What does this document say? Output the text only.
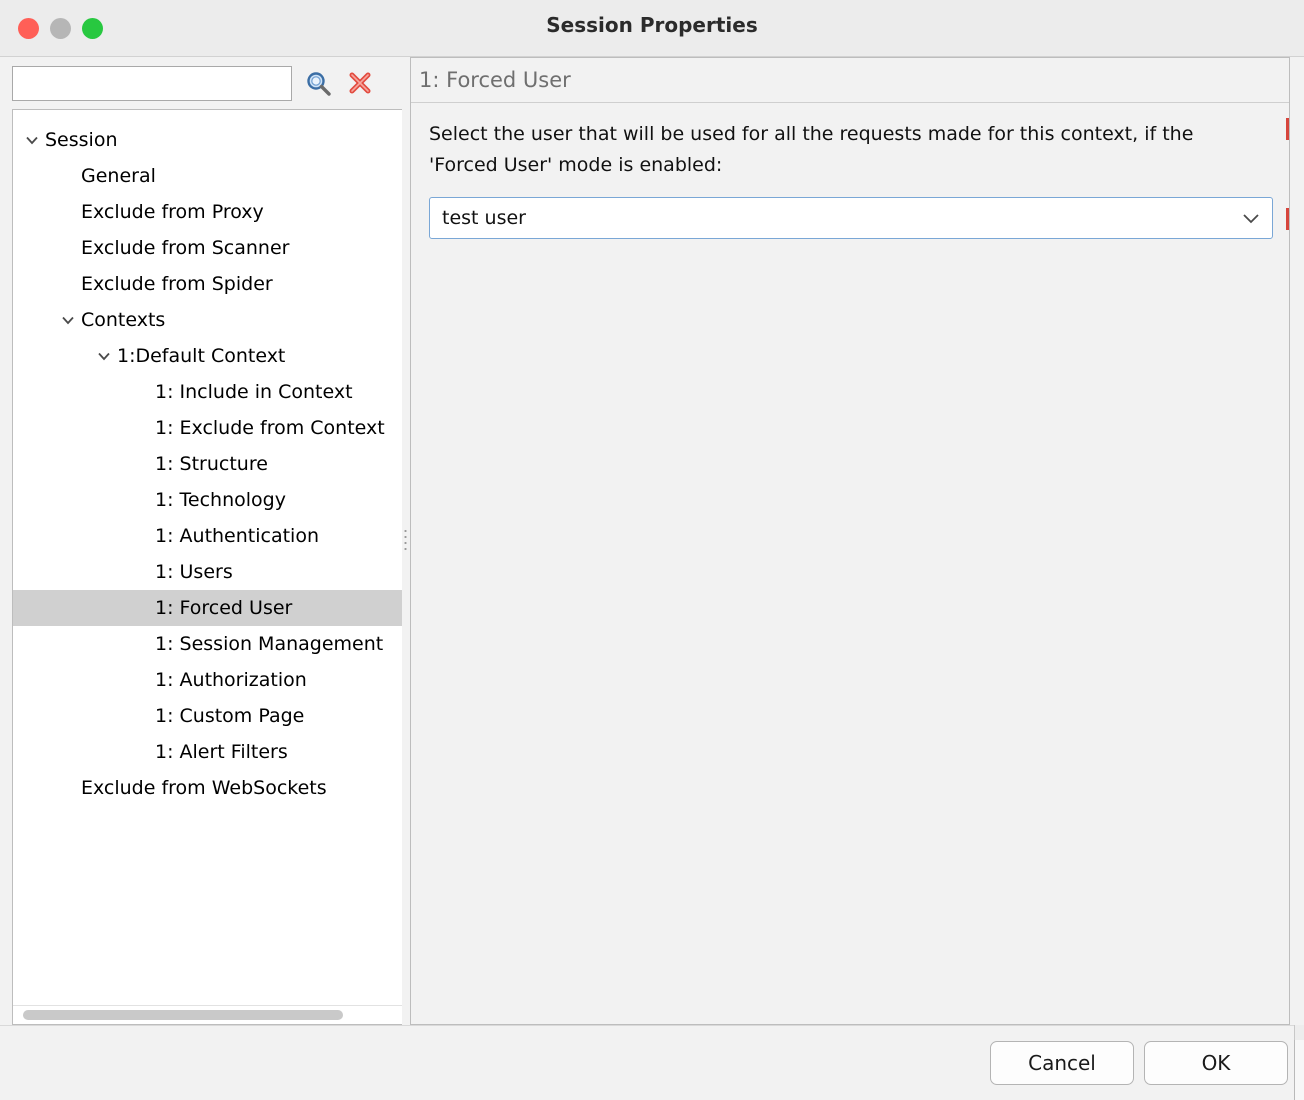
Session Properties
Session
General
Exclude from Proxy
Exclude from Scanner
Exclude from Spider
Contexts
1:Default Context
1: Include in Context
1: Exclude from Context
1: Structure
1: Technology
1: Authentication
1: Users
1: Forced User
1: Session Management
1: Authorization
1: Custom Page
1: Alert Filters
Exclude from WebSockets
1: Forced User
Select the user that will be used for all the requests made for this context, if the 'Forced User' mode is enabled:
test user
Cancel	OK
